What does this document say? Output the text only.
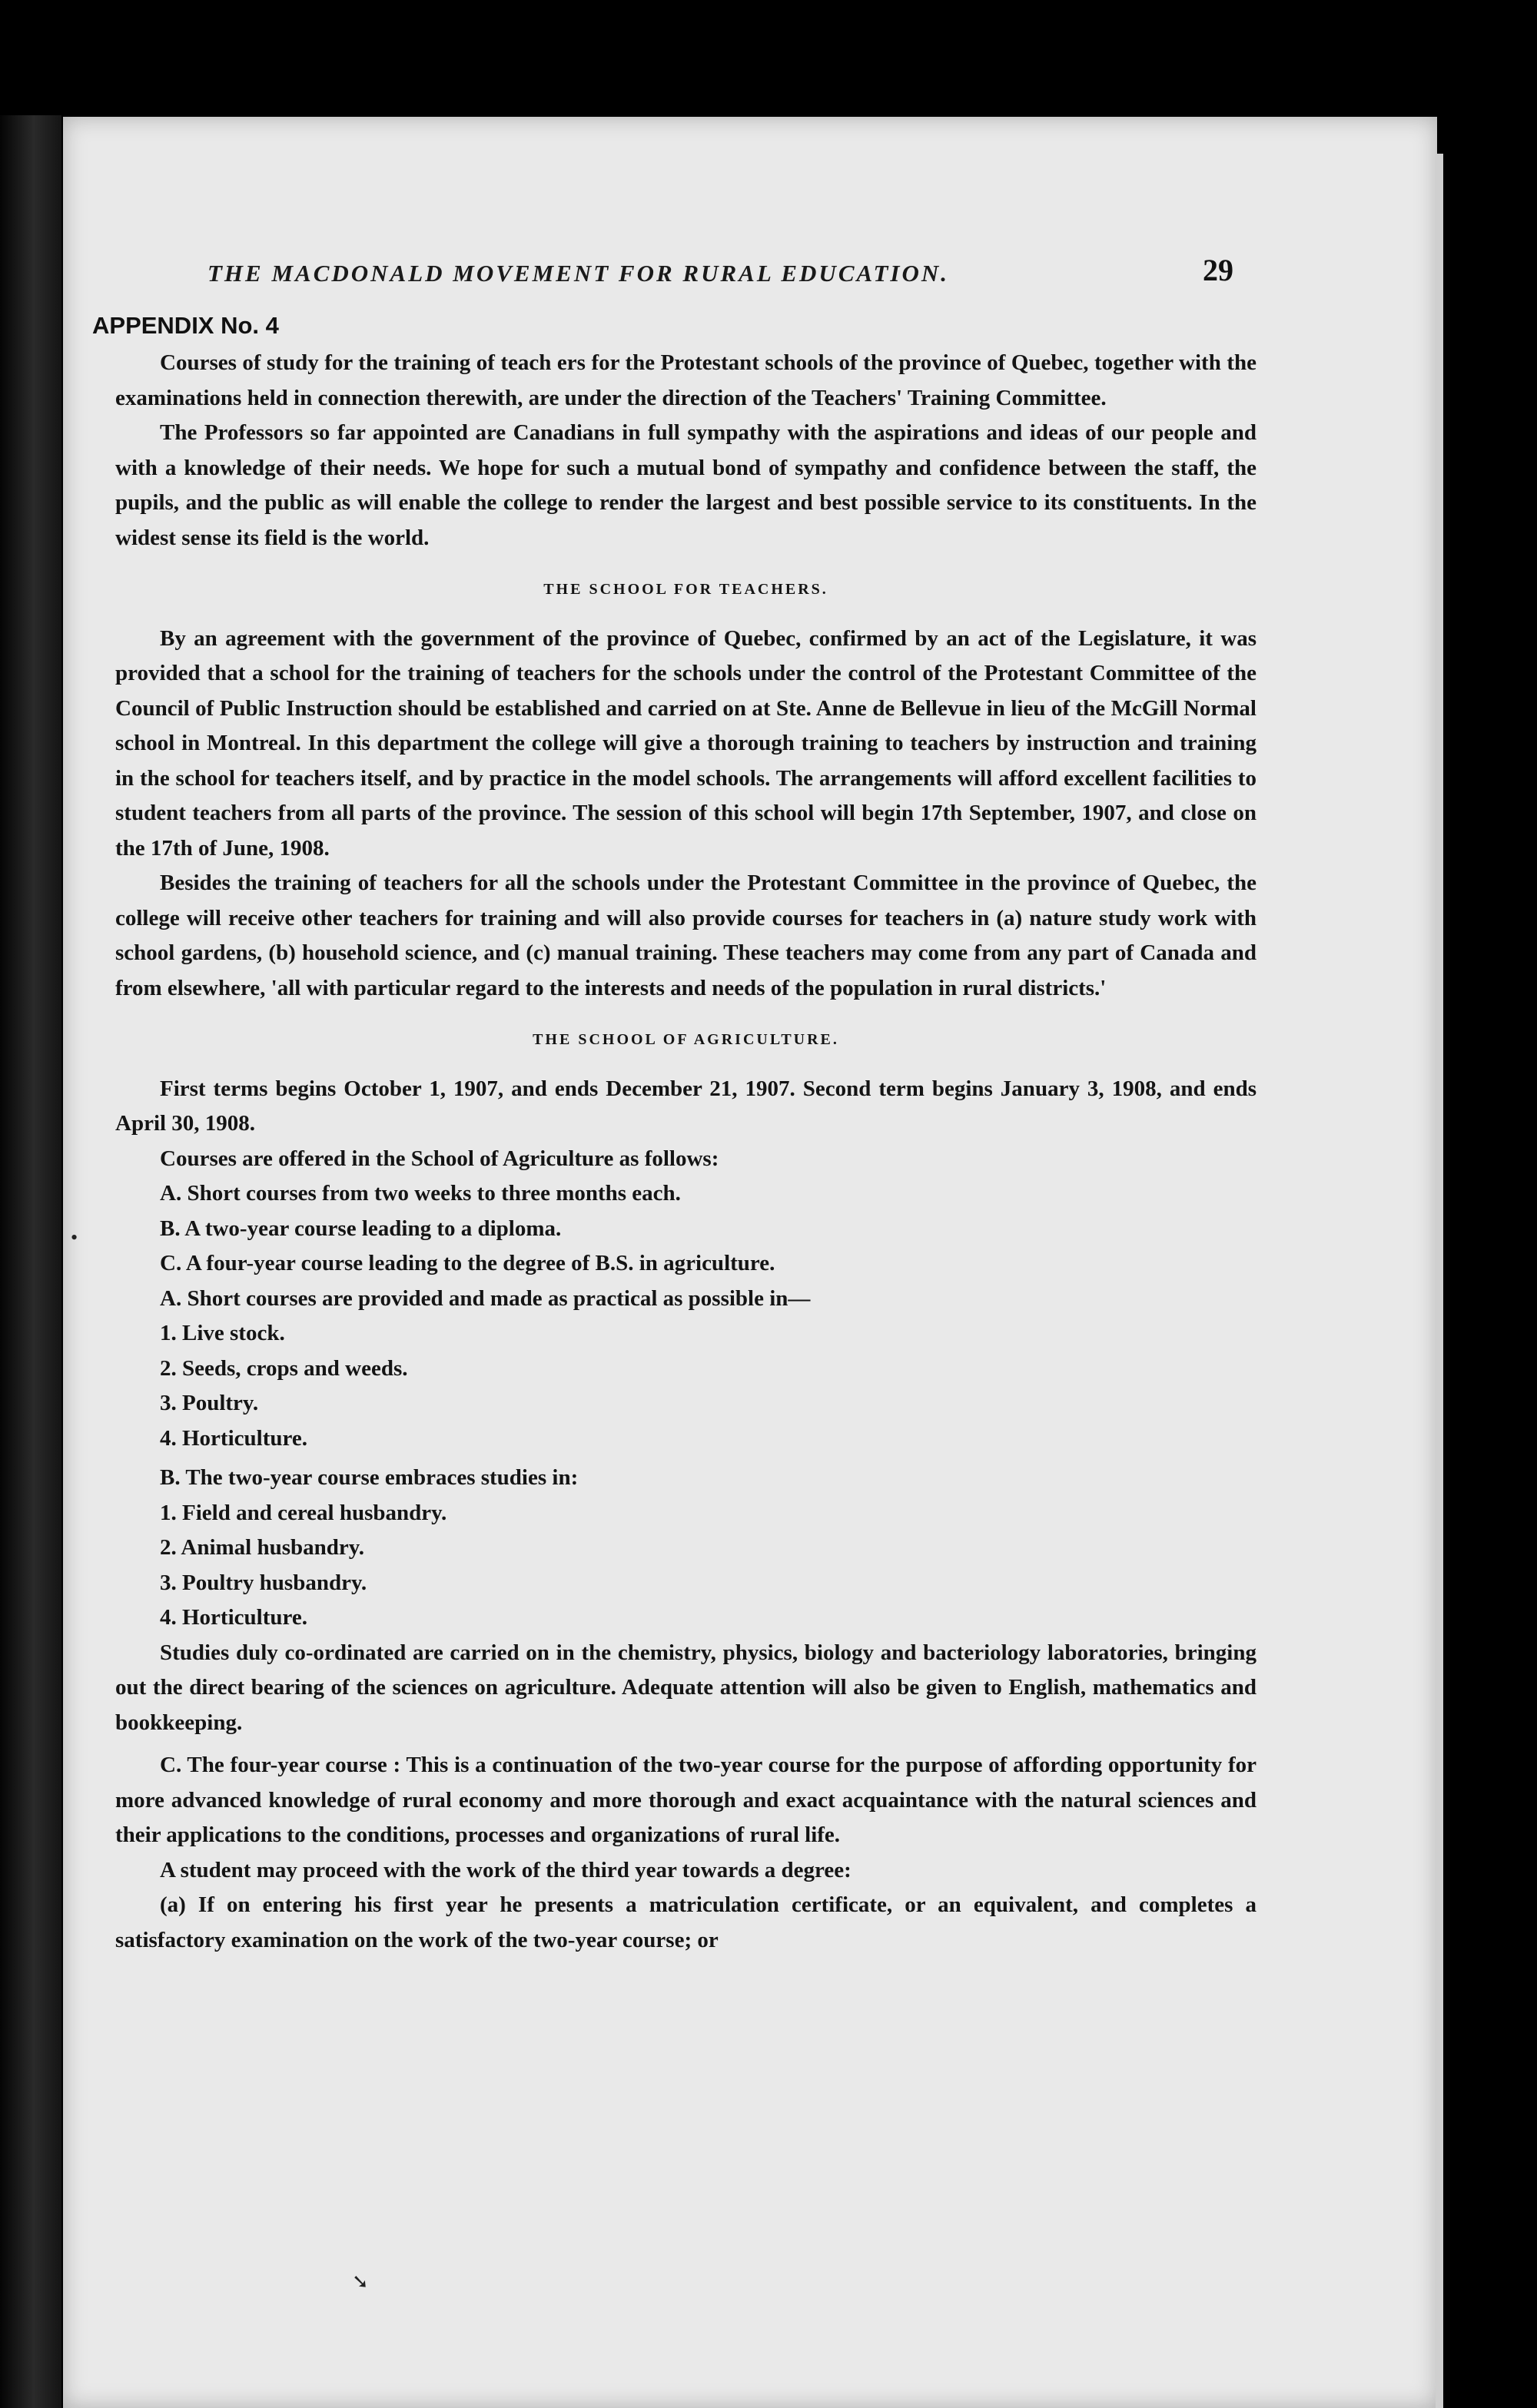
THE MACDONALD MOVEMENT FOR RURAL EDUCATION.	29
APPENDIX No. 4

Courses of study for the training of teach ers for the Protestant schools of the province of Quebec, together with the examinations held in connection therewith, are under the direction of the Teachers' Training Committee.

The Professors so far appointed are Canadians in full sympathy with the aspirations and ideas of our people and with a knowledge of their needs. We hope for such a mutual bond of sympathy and confidence between the staff, the pupils, and the public as will enable the college to render the largest and best possible service to its constituents. In the widest sense its field is the world.

THE SCHOOL FOR TEACHERS.

By an agreement with the government of the province of Quebec, confirmed by an act of the Legislature, it was provided that a school for the training of teachers for the schools under the control of the Protestant Committee of the Council of Public Instruction should be established and carried on at Ste. Anne de Bellevue in lieu of the McGill Normal school in Montreal. In this department the college will give a thorough training to teachers by instruction and training in the school for teachers itself, and by practice in the model schools. The arrangements will afford excellent facilities to student teachers from all parts of the province. The session of this school will begin 17th September, 1907, and close on the 17th of June, 1908.

Besides the training of teachers for all the schools under the Protestant Committee in the province of Quebec, the college will receive other teachers for training and will also provide courses for teachers in (a) nature study work with school gardens, (b) household science, and (c) manual training. These teachers may come from any part of Canada and from elsewhere, 'all with particular regard to the interests and needs of the population in rural districts.'

THE SCHOOL OF AGRICULTURE.

First terms begins October 1, 1907, and ends December 21, 1907. Second term begins January 3, 1908, and ends April 30, 1908.

Courses are offered in the School of Agriculture as follows:

A. Short courses from two weeks to three months each.

B. A two-year course leading to a diploma.

C. A four-year course leading to the degree of B.S. in agriculture.

A. Short courses are provided and made as practical as possible in—

1. Live stock.

2. Seeds, crops and weeds.

3. Poultry.

4. Horticulture.

B. The two-year course embraces studies in:

1. Field and cereal husbandry.

2. Animal husbandry.

3. Poultry husbandry.

4. Horticulture.

Studies duly co-ordinated are carried on in the chemistry, physics, biology and bacteriology laboratories, bringing out the direct bearing of the sciences on agriculture. Adequate attention will also be given to English, mathematics and bookkeeping.

C. The four-year course : This is a continuation of the two-year course for the purpose of affording opportunity for more advanced knowledge of rural economy and more thorough and exact acquaintance with the natural sciences and their applications to the conditions, processes and organizations of rural life.

A student may proceed with the work of the third year towards a degree:

(a) If on entering his first year he presents a matriculation certificate, or an equivalent, and completes a satisfactory examination on the work of the two-year course; or

•
➘
